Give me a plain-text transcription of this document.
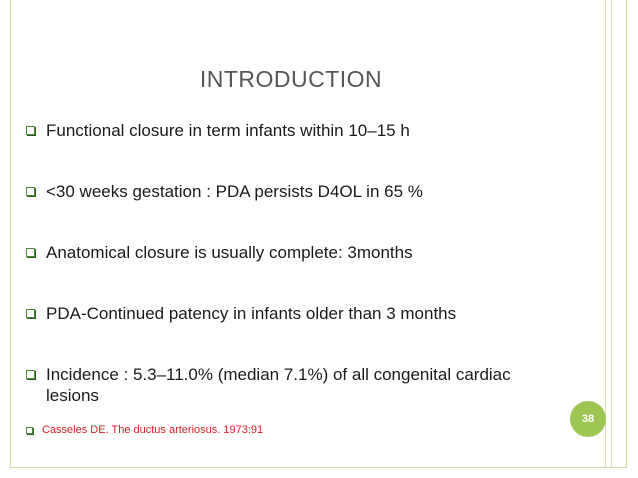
INTRODUCTION
Functional closure in term infants within 10–15 h
<30 weeks gestation : PDA persists D4OL in 65 %
Anatomical closure is usually complete: 3months
PDA-Continued patency in infants older than 3 months
Incidence : 5.3–11.0% (median 7.1%) of all congenital cardiac lesions
Casseles DE. The ductus arteriosus. 1973:91
38
